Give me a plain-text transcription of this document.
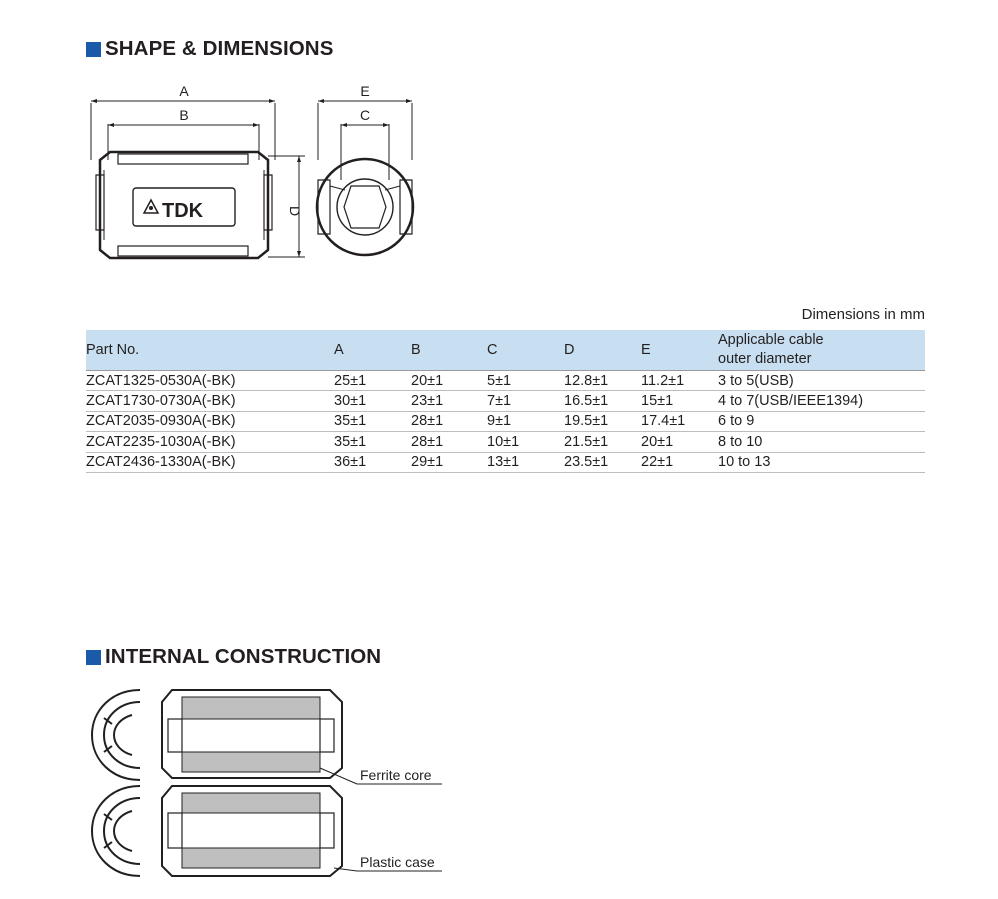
SHAPE & DIMENSIONS
A
B
D
TDK
E
C
Dimensions in mm
Part No.	A	B	C	D	E	Applicable cable
outer diameter

ZCAT1325-0530A(-BK)	25±1	20±1	5±1	12.8±1	11.2±1	3 to 5(USB)
ZCAT1730-0730A(-BK)	30±1	23±1	7±1	16.5±1	15±1	4 to 7(USB/IEEE1394)
ZCAT2035-0930A(-BK)	35±1	28±1	9±1	19.5±1	17.4±1	6 to 9
ZCAT2235-1030A(-BK)	35±1	28±1	10±1	21.5±1	20±1	8 to 10
ZCAT2436-1330A(-BK)	36±1	29±1	13±1	23.5±1	22±1	10 to 13
INTERNAL CONSTRUCTION
Ferrite core
Plastic case
